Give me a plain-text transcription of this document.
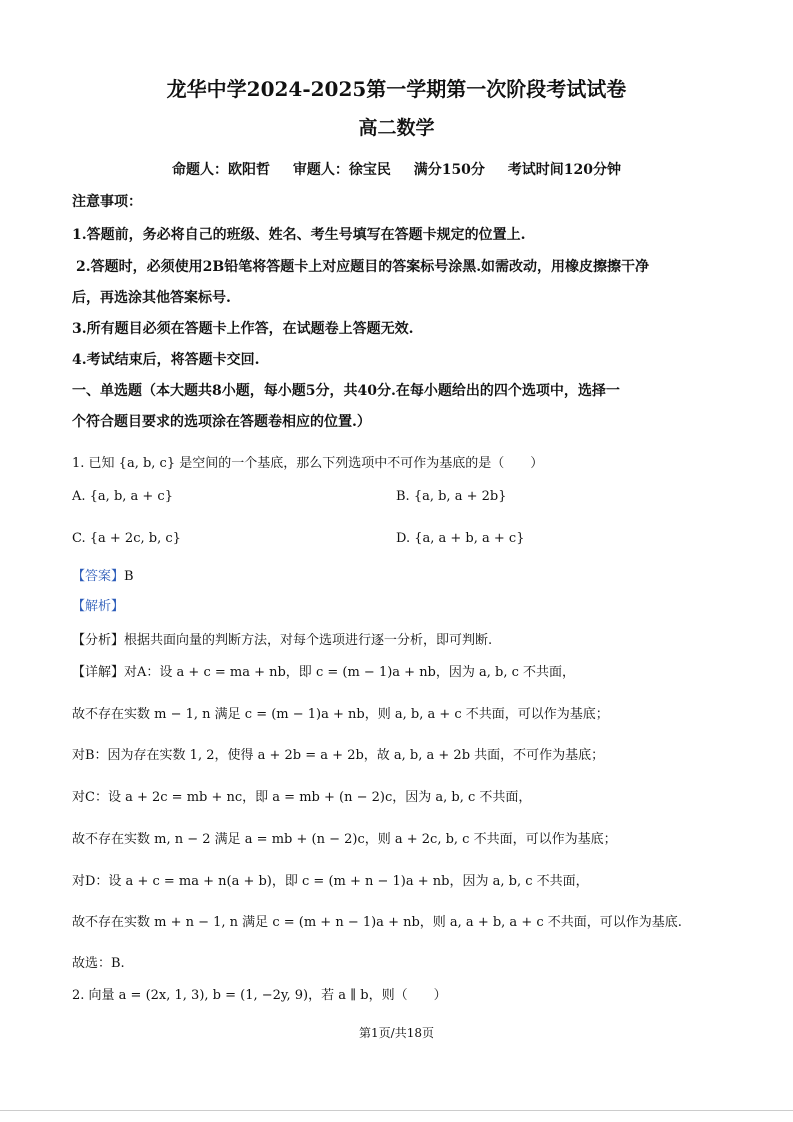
龙华中学2024-2025第一学期第一次阶段考试试卷
高二数学
命题人：欧阳哲 审题人：徐宝民 满分150分 考试时间120分钟
注意事项：
1.答题前，务必将自己的班级、姓名、考生号填写在答题卡规定的位置上.
2.答题时，必须使用2B铅笔将答题卡上对应题目的答案标号涂黑.如需改动，用橡皮擦擦干净
后，再选涂其他答案标号.
3.所有题目必须在答题卡上作答，在试题卷上答题无效.
4.考试结束后，将答题卡交回.
一、单选题（本大题共8小题，每小题5分，共40分.在每小题给出的四个选项中，选择一
个符合题目要求的选项涂在答题卷相应的位置.）
1. 已知 {a, b, c} 是空间的一个基底，那么下列选项中不可作为基底的是（　　）
A. {a, b, a + c}	B. {a, b, a + 2b}
C. {a + 2c, b, c}	D. {a, a + b, a + c}
【答案】B
【解析】
【分析】根据共面向量的判断方法，对每个选项进行逐一分析，即可判断.
【详解】对A：设 a + c = ma + nb，即 c = (m − 1)a + nb，因为 a, b, c 不共面，
故不存在实数 m − 1, n 满足 c = (m − 1)a + nb，则 a, b, a + c 不共面，可以作为基底；
对B：因为存在实数 1, 2，使得 a + 2b = a + 2b，故 a, b, a + 2b 共面，不可作为基底；
对C：设 a + 2c = mb + nc，即 a = mb + (n − 2)c，因为 a, b, c 不共面，
故不存在实数 m, n − 2 满足 a = mb + (n − 2)c，则 a + 2c, b, c 不共面，可以作为基底；
对D：设 a + c = ma + n(a + b)，即 c = (m + n − 1)a + nb，因为 a, b, c 不共面，
故不存在实数 m + n − 1, n 满足 c = (m + n − 1)a + nb，则 a, a + b, a + c 不共面，可以作为基底.
故选：B.
2. 向量 a = (2x, 1, 3), b = (1, −2y, 9)，若 a ∥ b，则（　　）
第1页/共18页
